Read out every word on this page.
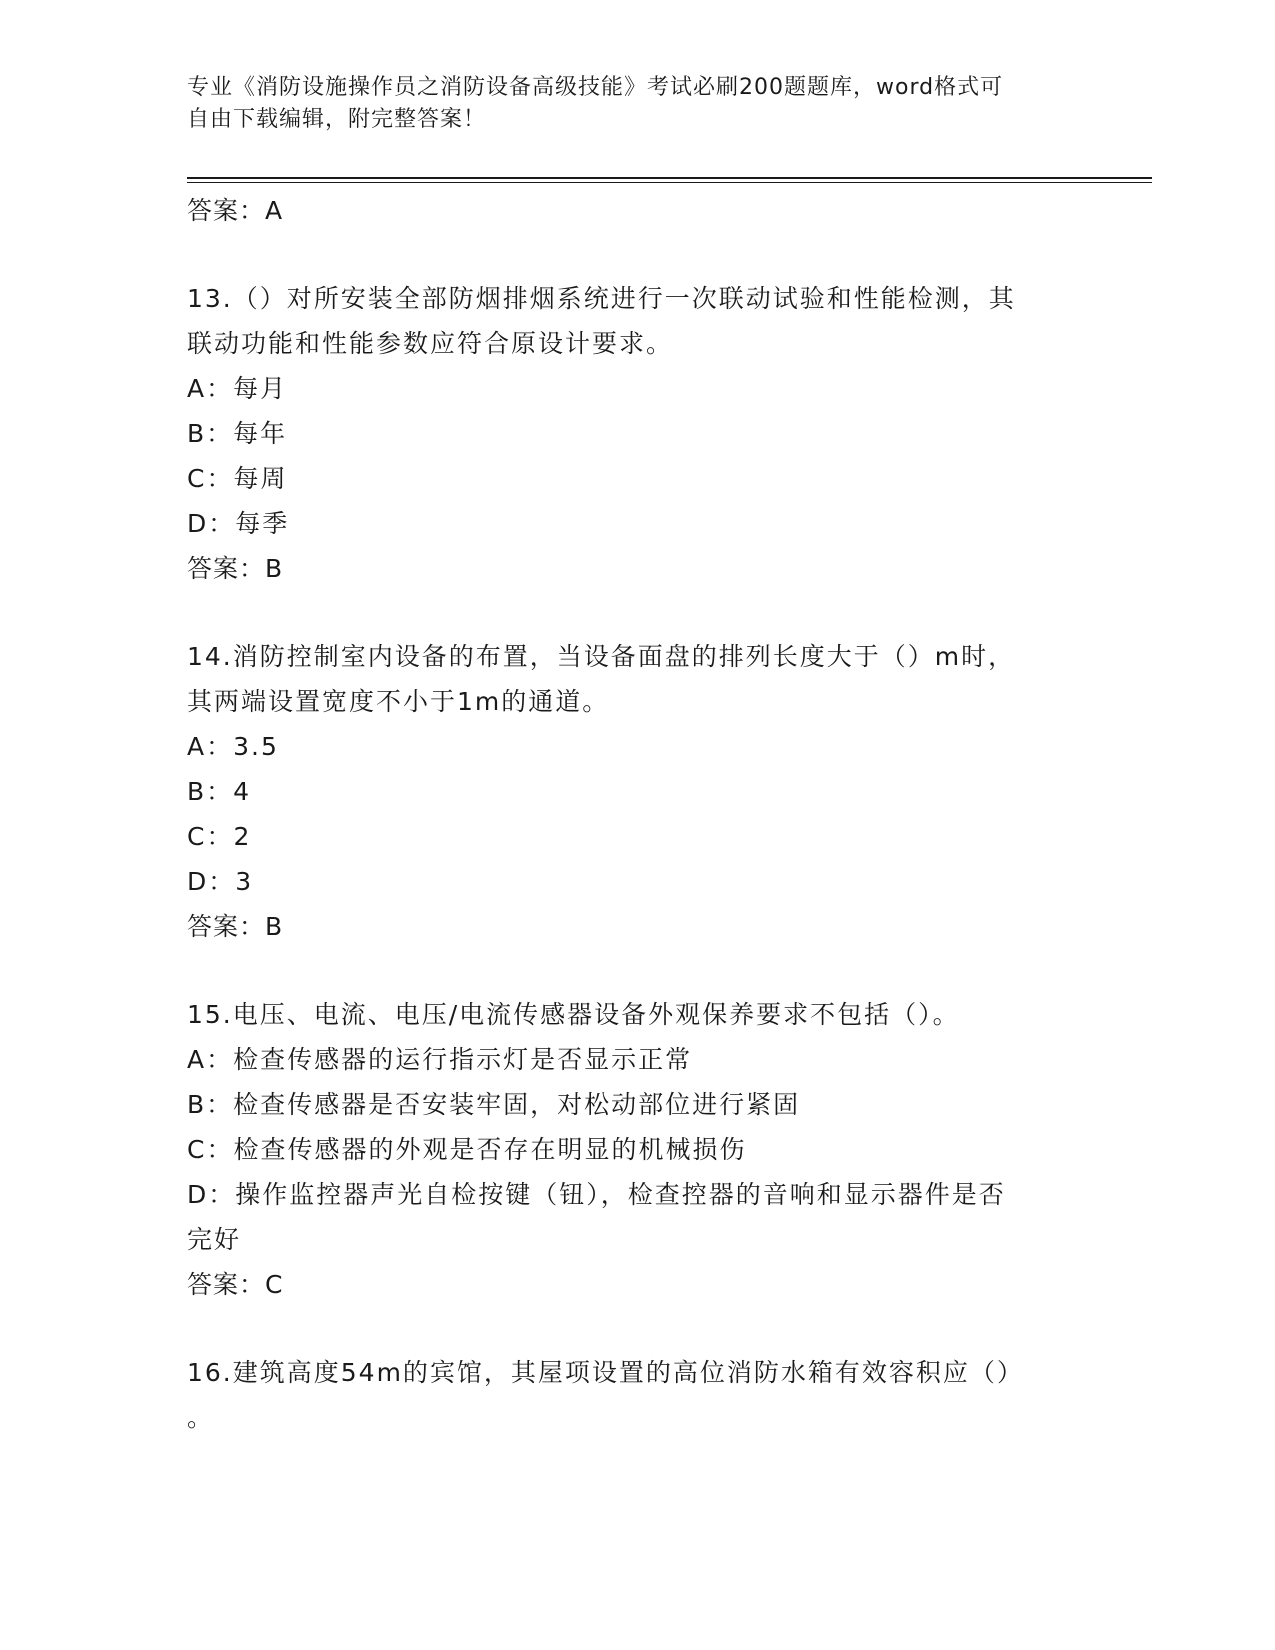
专业《消防设施操作员之消防设备高级技能》考试必刷200题题库，word格式可
自由下载编辑，附完整答案！
答案：A
13.（）对所安装全部防烟排烟系统进行一次联动试验和性能检测，其
联动功能和性能参数应符合原设计要求。
A：每月
B：每年
C：每周
D：每季
答案：B
14.消防控制室内设备的布置，当设备面盘的排列长度大于（）m时，
其两端设置宽度不小于1m的通道。
A：3.5
B：4
C：2
D：3
答案：B
15.电压、电流、电压/电流传感器设备外观保养要求不包括（）。
A：检查传感器的运行指示灯是否显示正常
B：检查传感器是否安装牢固，对松动部位进行紧固
C：检查传感器的外观是否存在明显的机械损伤
D：操作监控器声光自检按键（钮），检查控器的音响和显示器件是否
完好
答案：C
16.建筑高度54m的宾馆，其屋项设置的高位消防水箱有效容积应（）
。
